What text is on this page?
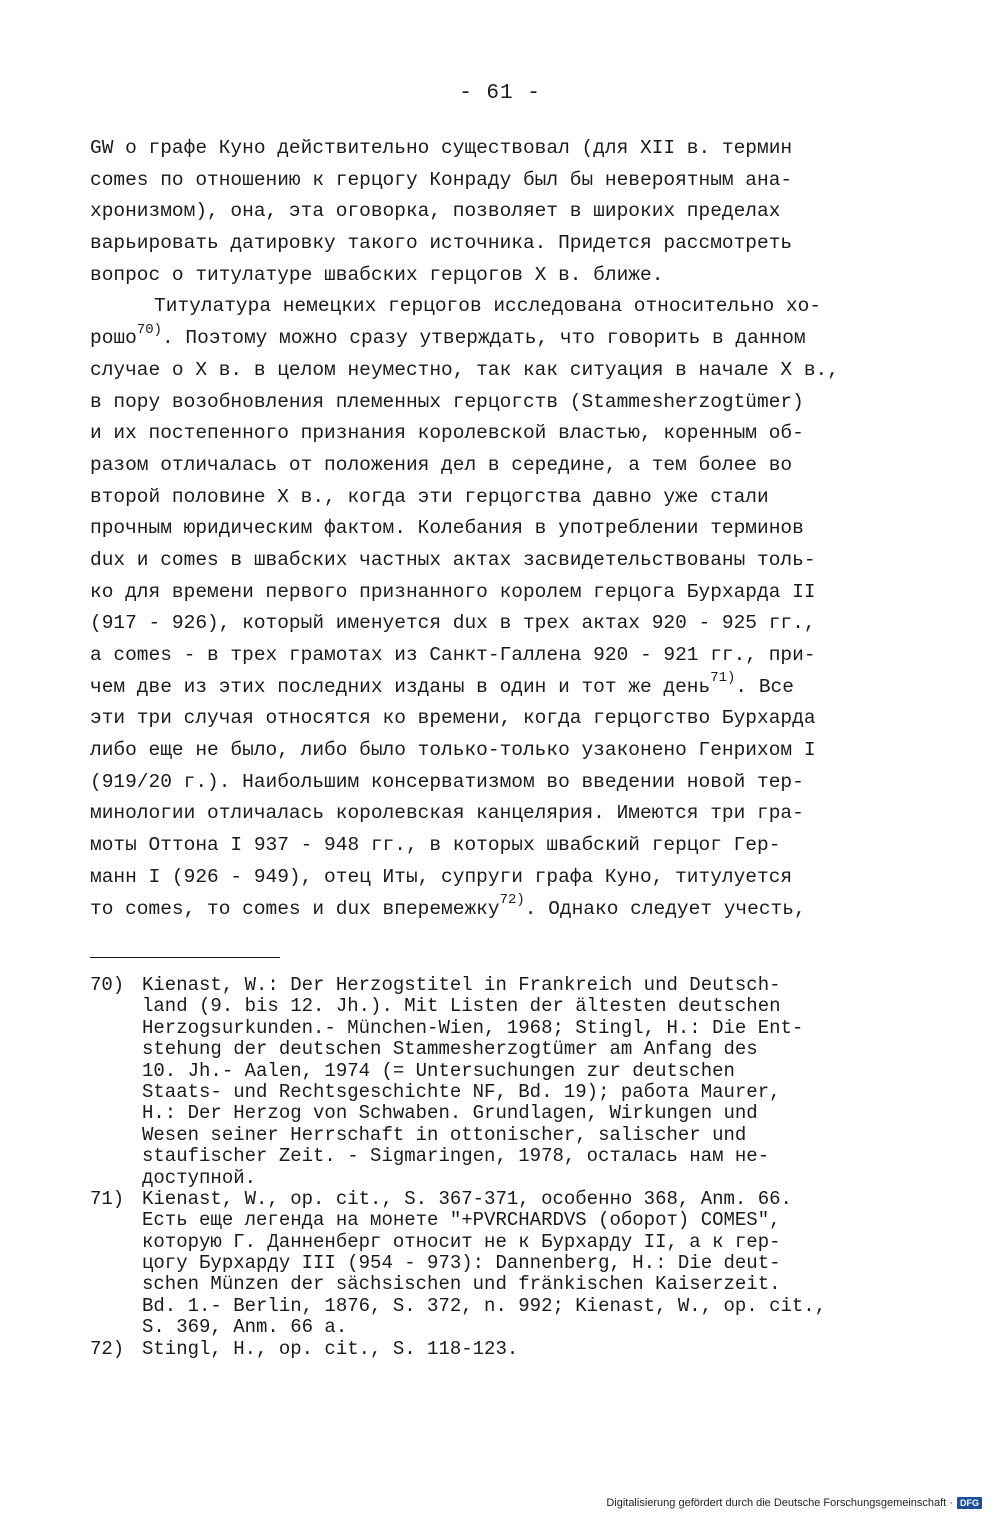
- 61 -
GW о графе Куно действительно существовал (для XII в. термин
comes по отношению к герцогу Конраду был бы невероятным ана-
хронизмом), она, эта оговорка, позволяет в широких пределах
варьировать датировку такого источника. Придется рассмотреть
вопрос о титулатуре швабских герцогов X в. ближе.
Титулатура немецких герцогов исследована относительно хо-
рошо$^{70)}$. Поэтому можно сразу утверждать, что говорить в данном
случае о X в. в целом неуместно, так как ситуация в начале X в.,
в пору возобновления племенных герцогств (Stammesherzogtümer)
и их постепенного признания королевской властью, коренным об-
разом отличалась от положения дел в середине, а тем более во
второй половине X в., когда эти герцогства давно уже стали
прочным юридическим фактом. Колебания в употреблении терминов
dux и comes в швабских частных актах засвидетельствованы толь-
ко для времени первого признанного королем герцога Бурхарда II
(917 - 926), который именуется dux в трех актах 920 - 925 гг.,
а comes - в трех грамотах из Санкт-Галлена 920 - 921 гг., при-
чем две из этих последних изданы в один и тот же день$^{71)}$. Все
эти три случая относятся ко времени, когда герцогство Бурхарда
либо еще не было, либо было только-только узаконено Генрихом I
(919/20 г.). Наибольшим консерватизмом во введении новой тер-
минологии отличалась королевская канцелярия. Имеются три гра-
моты Оттона I 937 - 948 гг., в которых швабский герцог Гер-
манн I (926 - 949), отец Иты, супруги графа Куно, титулуется
то comes, то comes и dux вперемежку$^{72)}$. Однако следует учесть,
70) Kienast, W.: Der Herzogstitel in Frankreich und Deutsch-
land (9. bis 12. Jh.). Mit Listen der ältesten deutschen
Herzogsurkunden.- München-Wien, 1968; Stingl, H.: Die Ent-
stehung der deutschen Stammesherzogtümer am Anfang des
10. Jh.- Aalen, 1974 (= Untersuchungen zur deutschen
Staats- und Rechtsgeschichte NF, Bd. 19); работа Maurer,
H.: Der Herzog von Schwaben. Grundlagen, Wirkungen und
Wesen seiner Herrschaft in ottonischer, salischer und
staufischer Zeit. - Sigmaringen, 1978, осталась нам не-
доступной.
71) Kienast, W., op. cit., S. 367-371, особенно 368, Anm. 66.
Есть еще легенда на монете "+PVRCHARDVS (оборот) COMES",
которую Г. Данненберг относит не к Бурхарду II, а к гер-
цогу Бурхарду III (954 - 973): Dannenberg, H.: Die deut-
schen Münzen der sächsischen und fränkischen Kaiserzeit.
Bd. 1.- Berlin, 1876, S. 372, n. 992; Kienast, W., op. cit.,
S. 369, Anm. 66 a.
72) Stingl, H., op. cit., S. 118-123.
Digitalisierung gefördert durch die Deutsche Forschungsgemeinschaft · DFG
